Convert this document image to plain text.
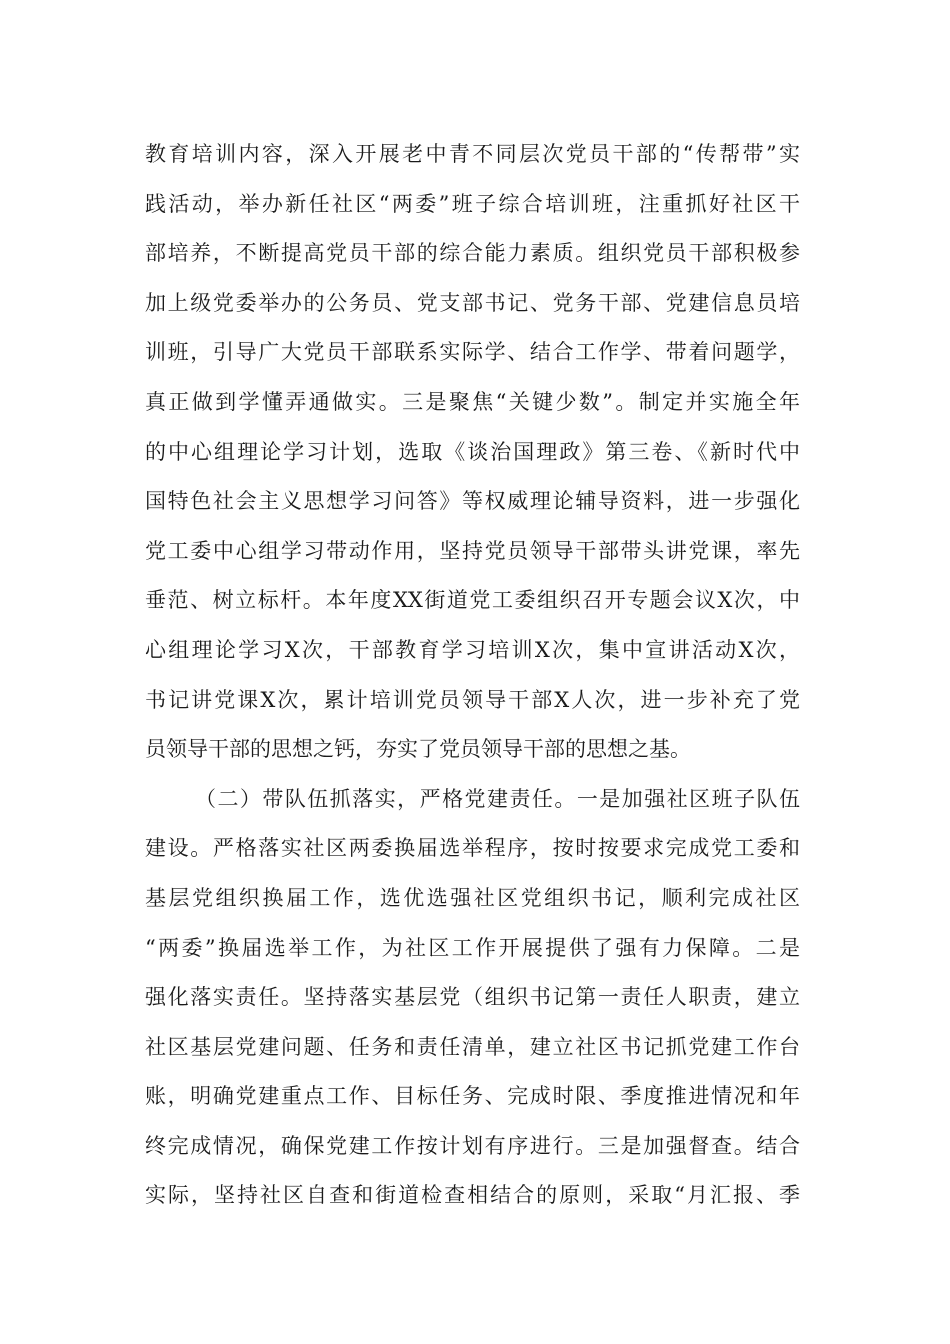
教育培训内容，深入开展老中青不同层次党员干部的“传帮带”实
践活动，举办新任社区“两委”班子综合培训班，注重抓好社区干
部培养，不断提高党员干部的综合能力素质。组织党员干部积极参
加上级党委举办的公务员、党支部书记、党务干部、党建信息员培
训班，引导广大党员干部联系实际学、结合工作学、带着问题学，
真正做到学懂弄通做实。三是聚焦“关键少数”。制定并实施全年
的中心组理论学习计划，选取《谈治国理政》第三卷、《新时代中
国特色社会主义思想学习问答》等权威理论辅导资料，进一步强化
党工委中心组学习带动作用，坚持党员领导干部带头讲党课，率先
垂范、树立标杆。本年度XX街道党工委组织召开专题会议X次，中
心组理论学习X次，干部教育学习培训X次，集中宣讲活动X次，
书记讲党课X次，累计培训党员领导干部X人次，进一步补充了党
员领导干部的思想之钙，夯实了党员领导干部的思想之基。
（二）带队伍抓落实，严格党建责任。一是加强社区班子队伍
建设。严格落实社区两委换届选举程序，按时按要求完成党工委和
基层党组织换届工作，选优选强社区党组织书记，顺利完成社区
“两委”换届选举工作，为社区工作开展提供了强有力保障。二是
强化落实责任。坚持落实基层党（组织书记第一责任人职责，建立
社区基层党建问题、任务和责任清单，建立社区书记抓党建工作台
账，明确党建重点工作、目标任务、完成时限、季度推进情况和年
终完成情况，确保党建工作按计划有序进行。三是加强督查。结合
实际，坚持社区自查和街道检查相结合的原则，采取“月汇报、季
